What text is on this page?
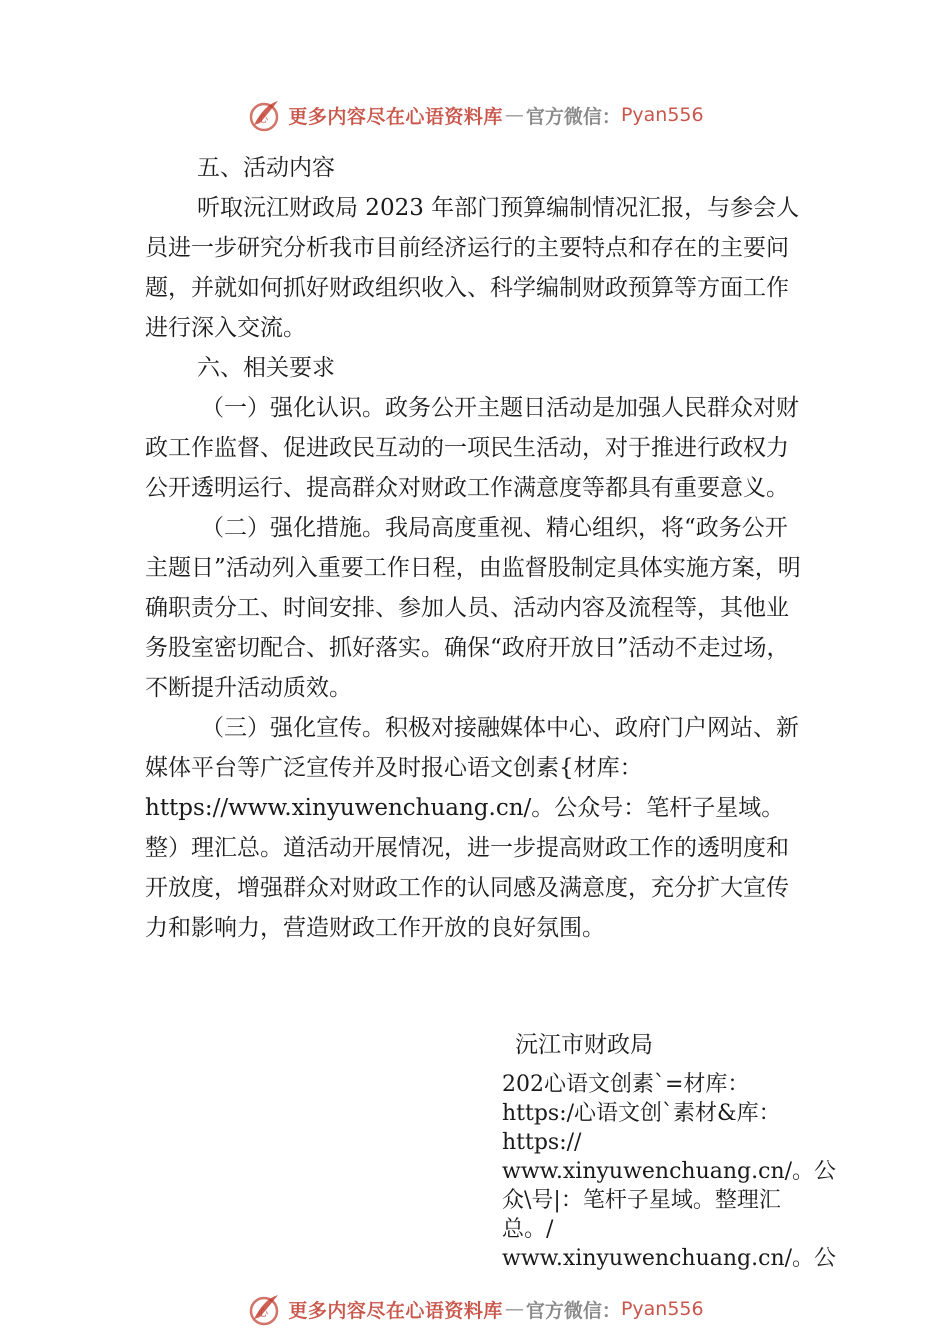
心 更多内容尽在心语资料库 — 官方微信： Pyan556

五、活动内容

听取沅江财政局 2023 年部门预算编制情况汇报，与参会人员进一步研究分析我市目前经济运行的主要特点和存在的主要问题，并就如何抓好财政组织收入、科学编制财政预算等方面工作进行深入交流。

六、相关要求

（一）强化认识。政务公开主题日活动是加强人民群众对财政工作监督、促进政民互动的一项民生活动，对于推进行政权力公开透明运行、提高群众对财政工作满意度等都具有重要意义。

（二）强化措施。我局高度重视、精心组织，将“政务公开主题日”活动列入重要工作日程，由监督股制定具体实施方案，明确职责分工、时间安排、参加人员、活动内容及流程等，其他业务股室密切配合、抓好落实。确保“政府开放日”活动不走过场，不断提升活动质效。

（三）强化宣传。积极对接融媒体中心、政府门户网站、新媒体平台等广泛宣传并及时报心语文创素{材库：https://www.xinyuwenchuang.cn/。公众号：笔杆子星域。整）理汇总。道活动开展情况，进一步提高财政工作的透明度和开放度，增强群众对财政工作的认同感及满意度，充分扩大宣传力和影响力，营造财政工作开放的良好氛围。

沅江市财政局
202心语文创素`=材库：
https:/心语文创`素材&库：
https://
www.xinyuwenchuang.cn/。公
众\号|：笔杆子星域。整理汇
总。/
www.xinyuwenchuang.cn/。公
心 更多内容尽在心语资料库 — 官方微信： Pyan556
